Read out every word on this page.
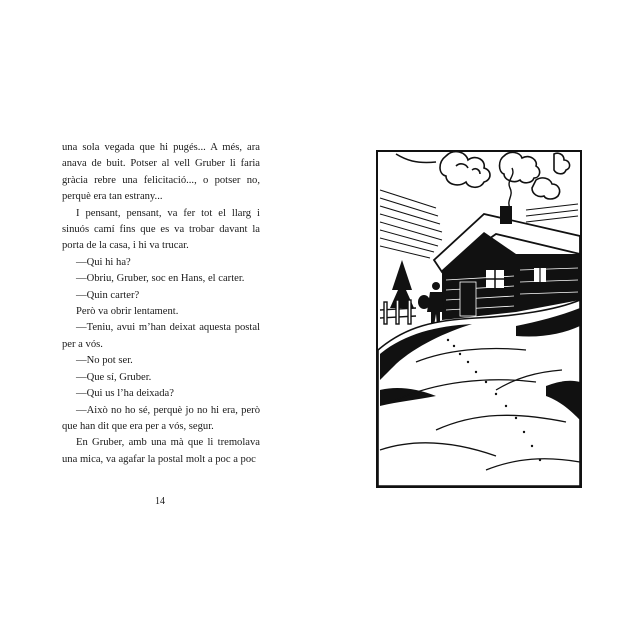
una sola vegada que hi pugés... A més, ara anava de buit. Potser al vell Gruber li faria gràcia rebre una felicitació..., o potser no, perquè era tan estrany...

I pensant, pensant, va fer tot el llarg i sinuós camí fins que es va trobar davant la porta de la casa, i hi va trucar.

—Qui hi ha?

—Obriu, Gruber, soc en Hans, el carter.

—Quin carter?

Però va obrir lentament.

—Teniu, avui m’han deixat aquesta postal per a vós.

—No pot ser.

—Que sí, Gruber.

—Qui us l’ha deixada?

—Això no ho sé, perquè jo no hi era, però que han dit que era per a vós, segur.

En Gruber, amb una mà que li tremolava una mica, va agafar la postal molt a poc a poc

14
